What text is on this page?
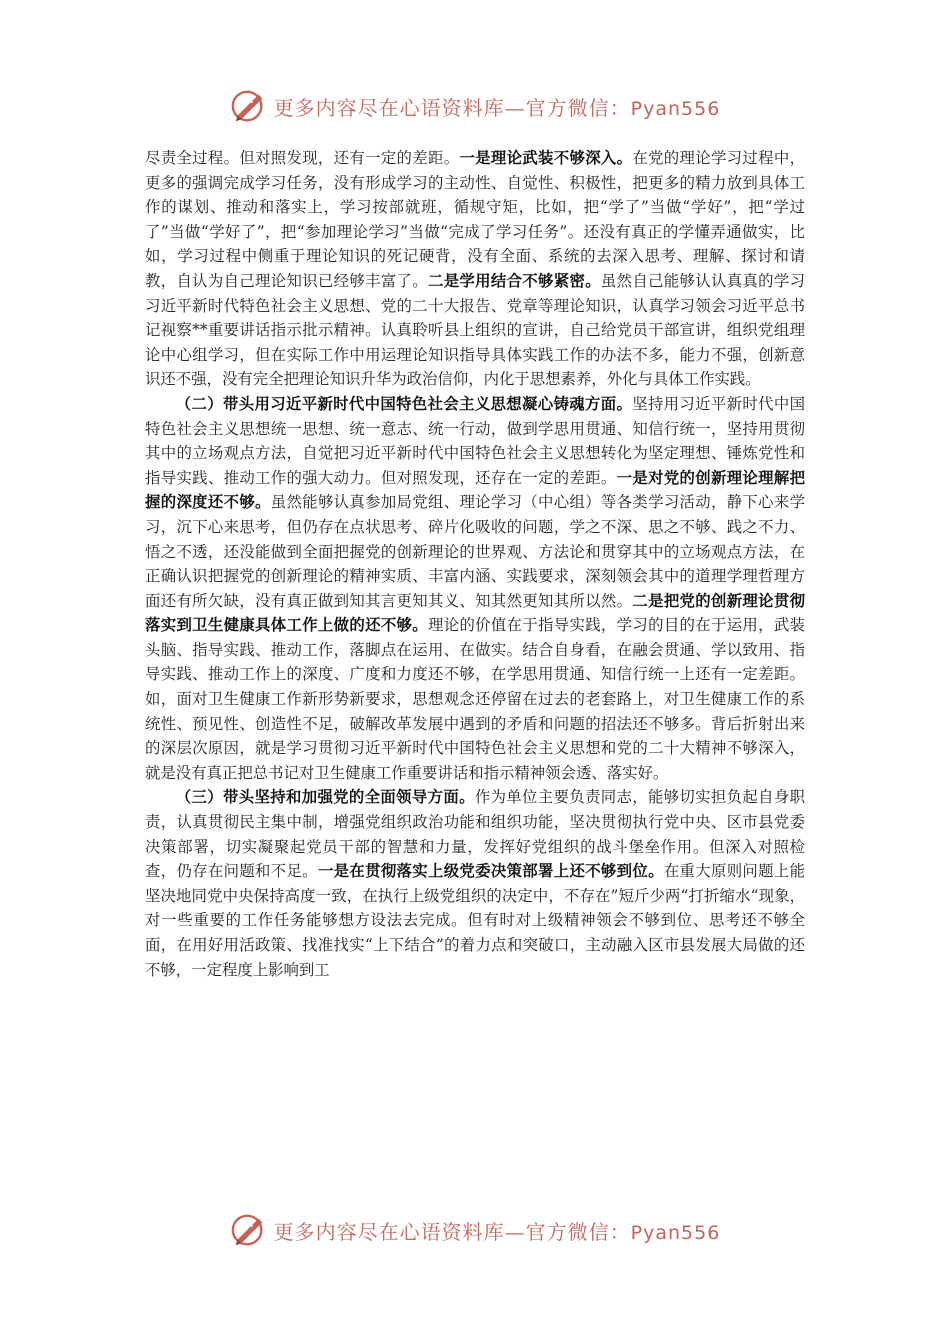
更多内容尽在心语资料库—官方微信：Pyan556

尽责全过程。但对照发现，还有一定的差距。一是理论武装不够深入。在党的理论学习过程中，更多的强调完成学习任务，没有形成学习的主动性、自觉性、积极性，把更多的精力放到具体工作的谋划、推动和落实上，学习按部就班，循规守矩，比如，把“学了”当做“学好”，把“学过了”当做“学好了”，把“参加理论学习”当做“完成了学习任务”。还没有真正的学懂弄通做实，比如，学习过程中侧重于理论知识的死记硬背，没有全面、系统的去深入思考、理解、探讨和请教，自认为自己理论知识已经够丰富了。二是学用结合不够紧密。虽然自己能够认认真真的学习习近平新时代特色社会主义思想、党的二十大报告、党章等理论知识，认真学习领会习近平总书记视察**重要讲话指示批示精神。认真聆听县上组织的宣讲，自己给党员干部宣讲，组织党组理论中心组学习，但在实际工作中用运理论知识指导具体实践工作的办法不多，能力不强，创新意识还不强，没有完全把理论知识升华为政治信仰，内化于思想素养，外化与具体工作实践。

（二）带头用习近平新时代中国特色社会主义思想凝心铸魂方面。坚持用习近平新时代中国特色社会主义思想统一思想、统一意志、统一行动，做到学思用贯通、知信行统一，坚持用贯彻其中的立场观点方法，自觉把习近平新时代中国特色社会主义思想转化为坚定理想、锤炼党性和指导实践、推动工作的强大动力。但对照发现，还存在一定的差距。一是对党的创新理论理解把握的深度还不够。虽然能够认真参加局党组、理论学习（中心组）等各类学习活动，静下心来学习，沉下心来思考，但仍存在点状思考、碎片化吸收的问题，学之不深、思之不够、践之不力、悟之不透，还没能做到全面把握党的创新理论的世界观、方法论和贯穿其中的立场观点方法，在正确认识把握党的创新理论的精神实质、丰富内涵、实践要求，深刻领会其中的道理学理哲理方面还有所欠缺，没有真正做到知其言更知其义、知其然更知其所以然。二是把党的创新理论贯彻落实到卫生健康具体工作上做的还不够。理论的价值在于指导实践，学习的目的在于运用，武装头脑、指导实践、推动工作，落脚点在运用、在做实。结合自身看，在融会贯通、学以致用、指导实践、推动工作上的深度、广度和力度还不够，在学思用贯通、知信行统一上还有一定差距。如，面对卫生健康工作新形势新要求，思想观念还停留在过去的老套路上，对卫生健康工作的系统性、预见性、创造性不足，破解改革发展中遇到的矛盾和问题的招法还不够多。背后折射出来的深层次原因，就是学习贯彻习近平新时代中国特色社会主义思想和党的二十大精神不够深入，就是没有真正把总书记对卫生健康工作重要讲话和指示精神领会透、落实好。

（三）带头坚持和加强党的全面领导方面。作为单位主要负责同志，能够切实担负起自身职责，认真贯彻民主集中制，增强党组织政治功能和组织功能，坚决贯彻执行党中央、区市县党委决策部署，切实凝聚起党员干部的智慧和力量，发挥好党组织的战斗堡垒作用。但深入对照检查，仍存在问题和不足。一是在贯彻落实上级党委决策部署上还不够到位。在重大原则问题上能坚决地同党中央保持高度一致，在执行上级党组织的决定中，不存在”短斤少两“打折缩水“现象，对一些重要的工作任务能够想方设法去完成。但有时对上级精神领会不够到位、思考还不够全面，在用好用活政策、找准找实“上下结合”的着力点和突破口，主动融入区市县发展大局做的还不够，一定程度上影响到工

更多内容尽在心语资料库—官方微信：Pyan556
